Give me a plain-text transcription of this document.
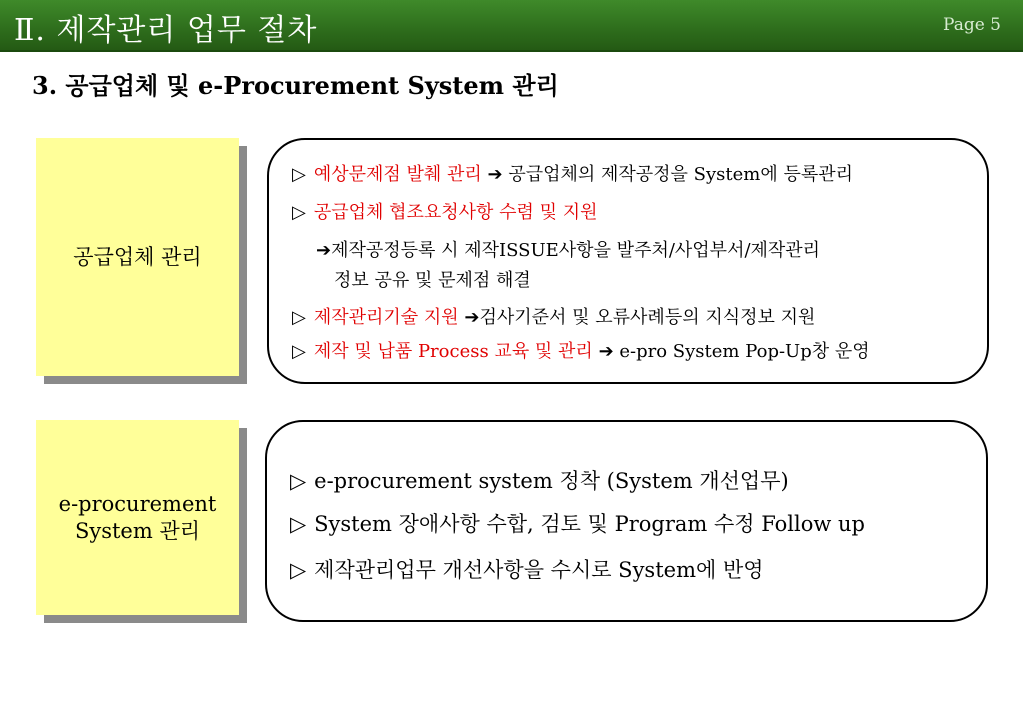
Ⅱ. 제작관리 업무 절차	Page 5
3. 공급업체 및 e-Procurement System 관리
공급업체 관리
▷ 예상문제점 발췌 관리 ➔ 공급업체의 제작공정을 System에 등록관리
▷ 공급업체 협조요청사항 수렴 및 지원
➔제작공정등록 시 제작ISSUE사항을 발주처/사업부서/제작관리
정보 공유 및 문제점 해결
▷ 제작관리기술 지원 ➔검사기준서 및 오류사례등의 지식정보 지원
▷ 제작 및 납품 Process 교육 및 관리 ➔ e-pro System Pop-Up창 운영
e-procurement
System 관리
▷ e-procurement system 정착 (System 개선업무)
▷ System 장애사항 수합, 검토 및 Program 수정 Follow up
▷ 제작관리업무 개선사항을 수시로 System에 반영
